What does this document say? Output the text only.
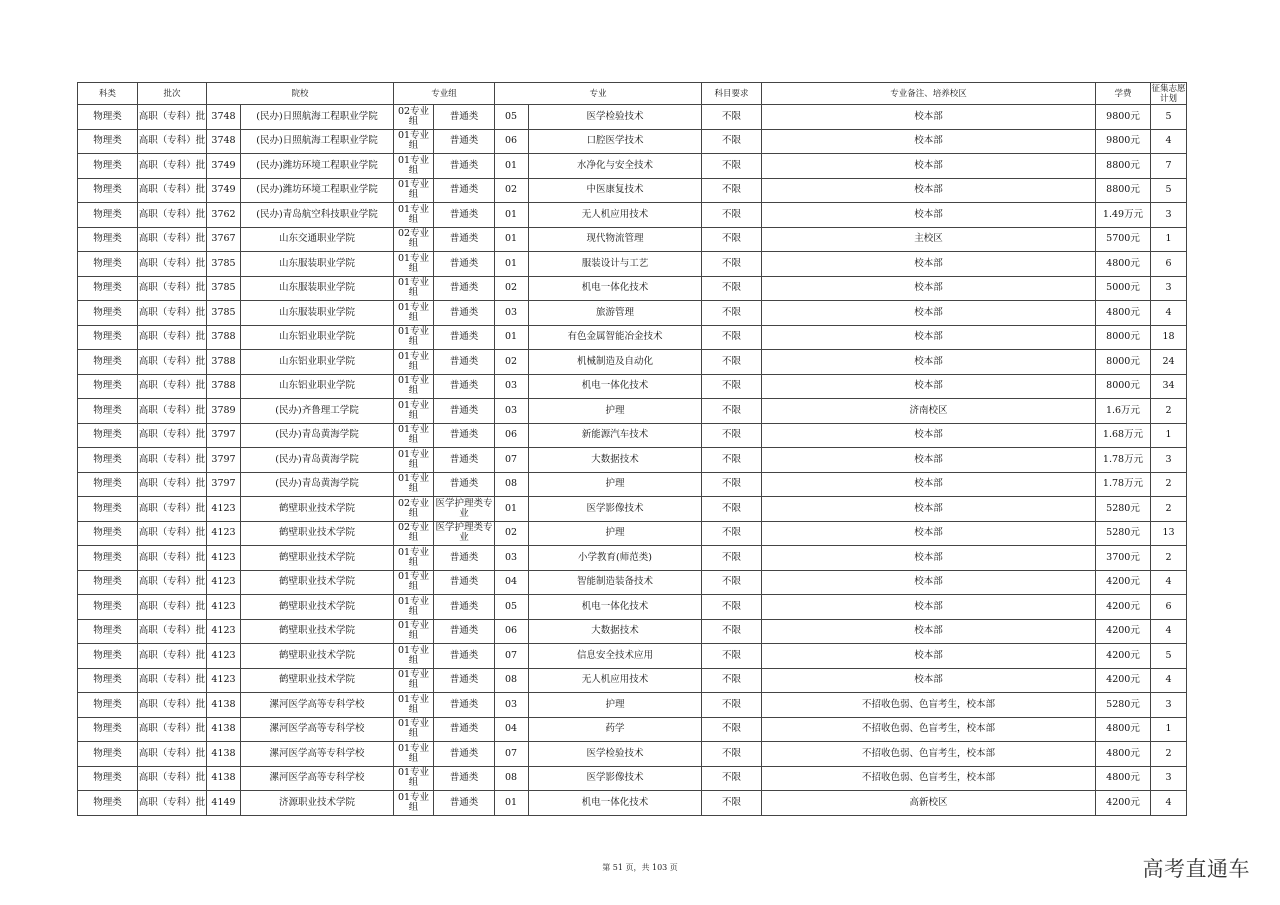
科类	批次	院校		专业组		专业		科目要求	专业备注、培养校区	学费	征集志愿计划
物理类	高职（专科）批	3748	(民办)日照航海工程职业学院	02专业组	普通类	05	医学检验技术	不限	校本部	9800元	5
物理类	高职（专科）批	3748	(民办)日照航海工程职业学院	01专业组	普通类	06	口腔医学技术	不限	校本部	9800元	4
物理类	高职（专科）批	3749	(民办)潍坊环境工程职业学院	01专业组	普通类	01	水净化与安全技术	不限	校本部	8800元	7
物理类	高职（专科）批	3749	(民办)潍坊环境工程职业学院	01专业组	普通类	02	中医康复技术	不限	校本部	8800元	5
物理类	高职（专科）批	3762	(民办)青岛航空科技职业学院	01专业组	普通类	01	无人机应用技术	不限	校本部	1.49万元	3
物理类	高职（专科）批	3767	山东交通职业学院	02专业组	普通类	01	现代物流管理	不限	主校区	5700元	1
物理类	高职（专科）批	3785	山东服装职业学院	01专业组	普通类	01	服装设计与工艺	不限	校本部	4800元	6
物理类	高职（专科）批	3785	山东服装职业学院	01专业组	普通类	02	机电一体化技术	不限	校本部	5000元	3
物理类	高职（专科）批	3785	山东服装职业学院	01专业组	普通类	03	旅游管理	不限	校本部	4800元	4
物理类	高职（专科）批	3788	山东铝业职业学院	01专业组	普通类	01	有色金属智能冶金技术	不限	校本部	8000元	18
物理类	高职（专科）批	3788	山东铝业职业学院	01专业组	普通类	02	机械制造及自动化	不限	校本部	8000元	24
物理类	高职（专科）批	3788	山东铝业职业学院	01专业组	普通类	03	机电一体化技术	不限	校本部	8000元	34
物理类	高职（专科）批	3789	(民办)齐鲁理工学院	01专业组	普通类	03	护理	不限	济南校区	1.6万元	2
物理类	高职（专科）批	3797	(民办)青岛黄海学院	01专业组	普通类	06	新能源汽车技术	不限	校本部	1.68万元	1
物理类	高职（专科）批	3797	(民办)青岛黄海学院	01专业组	普通类	07	大数据技术	不限	校本部	1.78万元	3
物理类	高职（专科）批	3797	(民办)青岛黄海学院	01专业组	普通类	08	护理	不限	校本部	1.78万元	2
物理类	高职（专科）批	4123	鹤壁职业技术学院	02专业组	医学护理类专业	01	医学影像技术	不限	校本部	5280元	2
物理类	高职（专科）批	4123	鹤壁职业技术学院	02专业组	医学护理类专业	02	护理	不限	校本部	5280元	13
物理类	高职（专科）批	4123	鹤壁职业技术学院	01专业组	普通类	03	小学教育(师范类)	不限	校本部	3700元	2
物理类	高职（专科）批	4123	鹤壁职业技术学院	01专业组	普通类	04	智能制造装备技术	不限	校本部	4200元	4
物理类	高职（专科）批	4123	鹤壁职业技术学院	01专业组	普通类	05	机电一体化技术	不限	校本部	4200元	6
物理类	高职（专科）批	4123	鹤壁职业技术学院	01专业组	普通类	06	大数据技术	不限	校本部	4200元	4
物理类	高职（专科）批	4123	鹤壁职业技术学院	01专业组	普通类	07	信息安全技术应用	不限	校本部	4200元	5
物理类	高职（专科）批	4123	鹤壁职业技术学院	01专业组	普通类	08	无人机应用技术	不限	校本部	4200元	4
物理类	高职（专科）批	4138	漯河医学高等专科学校	01专业组	普通类	03	护理	不限	不招收色弱、色盲考生，校本部	5280元	3
物理类	高职（专科）批	4138	漯河医学高等专科学校	01专业组	普通类	04	药学	不限	不招收色弱、色盲考生，校本部	4800元	1
物理类	高职（专科）批	4138	漯河医学高等专科学校	01专业组	普通类	07	医学检验技术	不限	不招收色弱、色盲考生，校本部	4800元	2
物理类	高职（专科）批	4138	漯河医学高等专科学校	01专业组	普通类	08	医学影像技术	不限	不招收色弱、色盲考生，校本部	4800元	3
物理类	高职（专科）批	4149	济源职业技术学院	01专业组	普通类	01	机电一体化技术	不限	高新校区	4200元	4
第 51 页，共 103 页	高考直通车
